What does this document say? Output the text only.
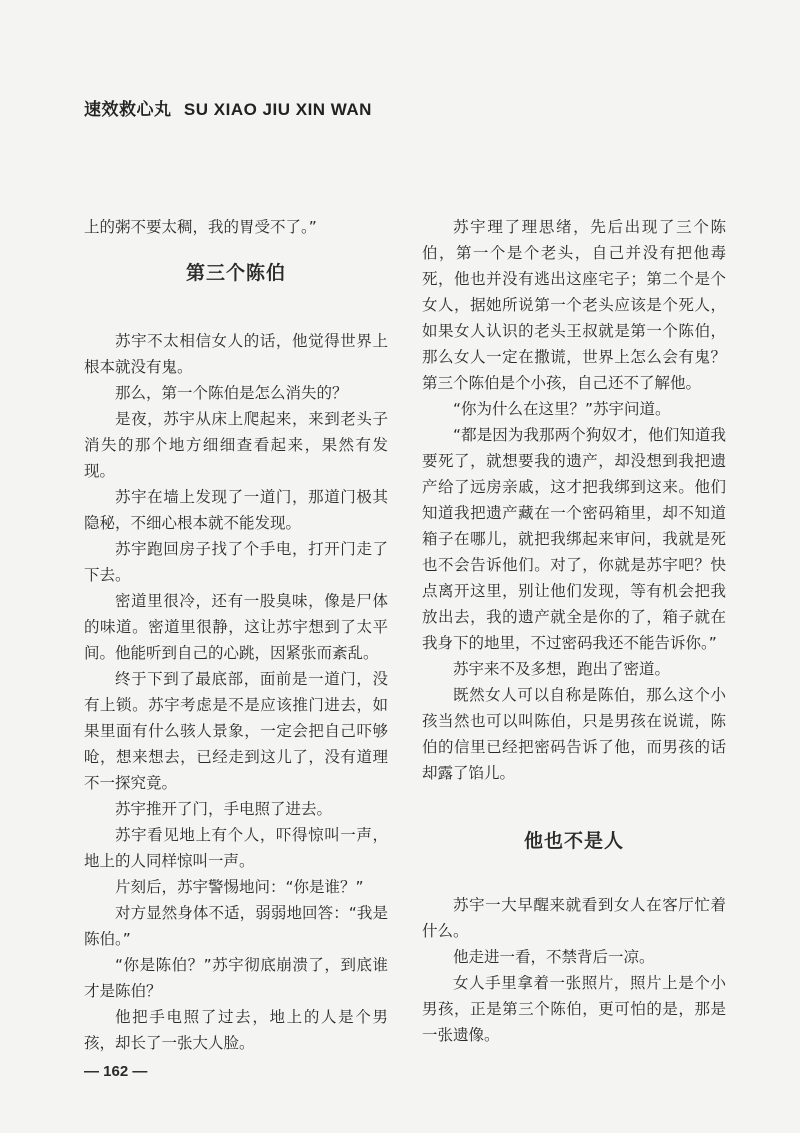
速效救心丸 SU XIAO JIU XIN WAN

上的粥不要太稠，我的胃受不了。”

第三个陈伯

苏宇不太相信女人的话，他觉得世界上根本就没有鬼。

那么，第一个陈伯是怎么消失的？

是夜，苏宇从床上爬起来，来到老头子消失的那个地方细细查看起来，果然有发现。

苏宇在墙上发现了一道门，那道门极其隐秘，不细心根本就不能发现。

苏宇跑回房子找了个手电，打开门走了下去。

密道里很冷，还有一股臭味，像是尸体的味道。密道里很静，这让苏宇想到了太平间。他能听到自己的心跳，因紧张而紊乱。

终于下到了最底部，面前是一道门，没有上锁。苏宇考虑是不是应该推门进去，如果里面有什么骇人景象，一定会把自己吓够呛，想来想去，已经走到这儿了，没有道理不一探究竟。

苏宇推开了门，手电照了进去。

苏宇看见地上有个人，吓得惊叫一声，地上的人同样惊叫一声。

片刻后，苏宇警惕地问：“你是谁？”

对方显然身体不适，弱弱地回答：“我是陈伯。”

“你是陈伯？”苏宇彻底崩溃了，到底谁才是陈伯？

他把手电照了过去，地上的人是个男孩，却长了一张大人脸。

苏宇理了理思绪，先后出现了三个陈伯，第一个是个老头，自己并没有把他毒死，他也并没有逃出这座宅子；第二个是个女人，据她所说第一个老头应该是个死人，如果女人认识的老头王叔就是第一个陈伯，那么女人一定在撒谎，世界上怎么会有鬼？第三个陈伯是个小孩，自己还不了解他。

“你为什么在这里？”苏宇问道。

“都是因为我那两个狗奴才，他们知道我要死了，就想要我的遗产，却没想到我把遗产给了远房亲戚，这才把我绑到这来。他们知道我把遗产藏在一个密码箱里，却不知道箱子在哪儿，就把我绑起来审问，我就是死也不会告诉他们。对了，你就是苏宇吧？快点离开这里，别让他们发现，等有机会把我放出去，我的遗产就全是你的了，箱子就在我身下的地里，不过密码我还不能告诉你。”

苏宇来不及多想，跑出了密道。

既然女人可以自称是陈伯，那么这个小孩当然也可以叫陈伯，只是男孩在说谎，陈伯的信里已经把密码告诉了他，而男孩的话却露了馅儿。

他也不是人

苏宇一大早醒来就看到女人在客厅忙着什么。

他走进一看，不禁背后一凉。

女人手里拿着一张照片，照片上是个小男孩，正是第三个陈伯，更可怕的是，那是一张遗像。

— 162 —
